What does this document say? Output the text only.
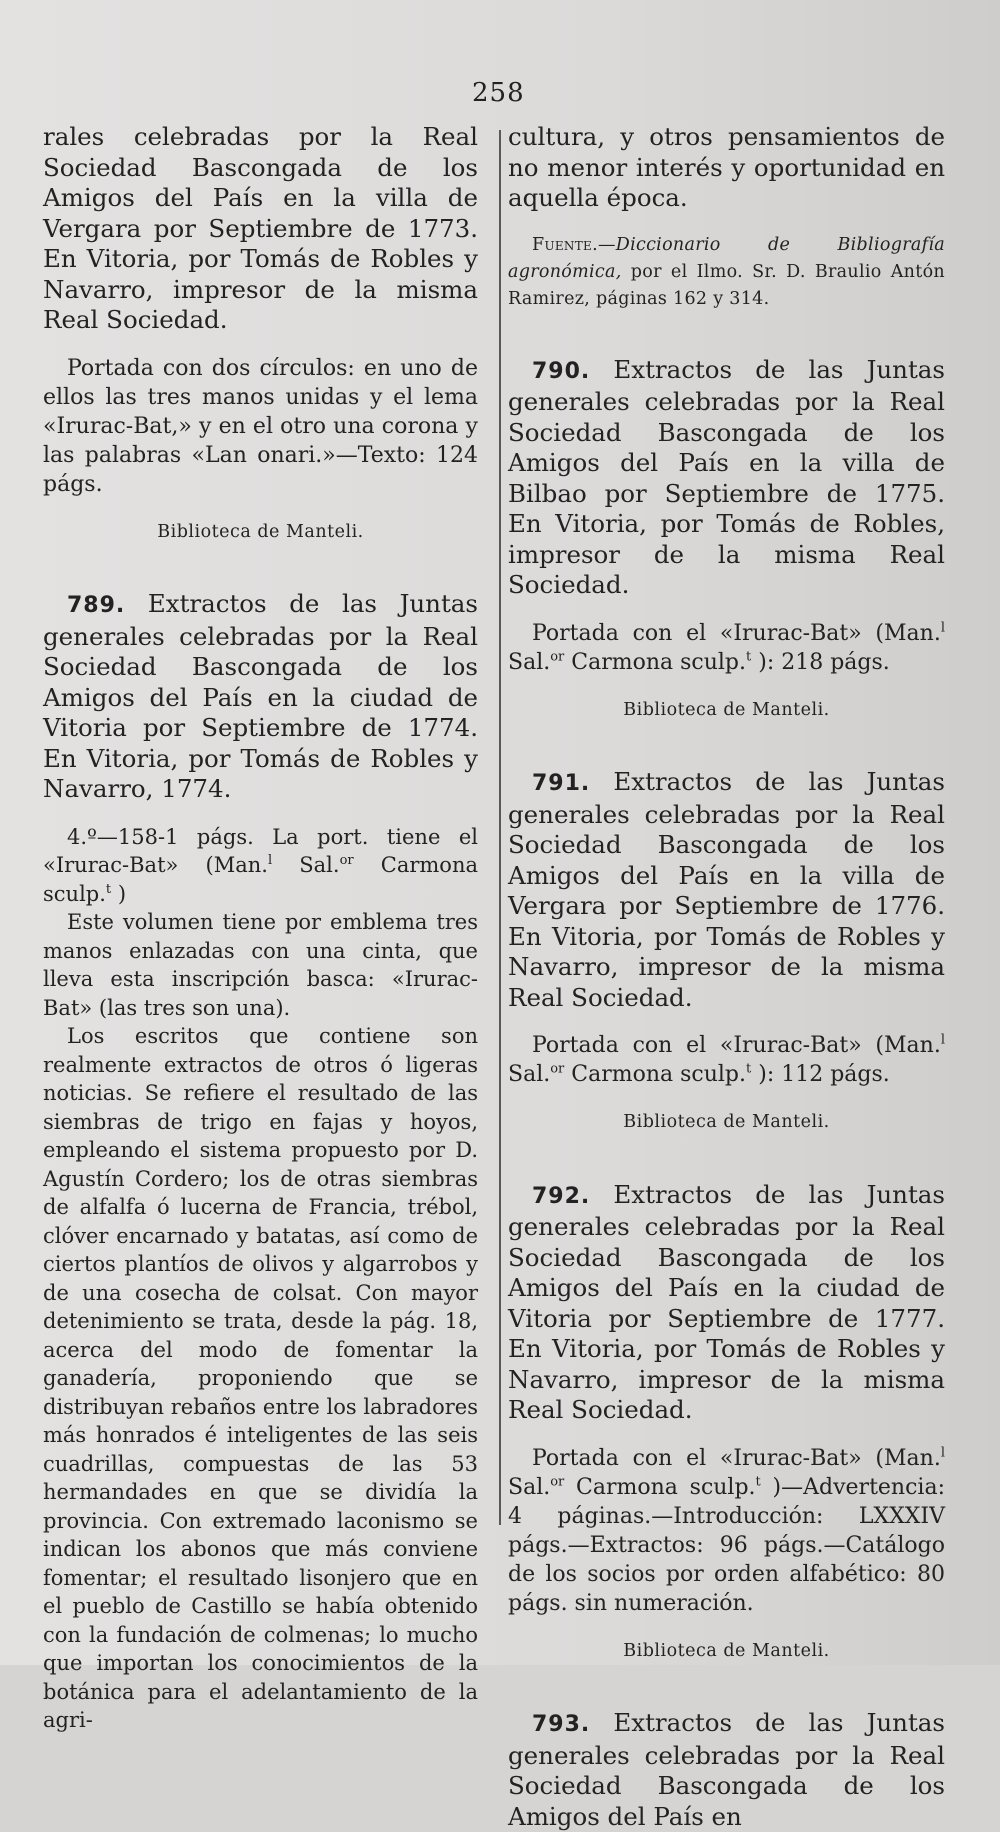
258

rales celebradas por la Real Sociedad Bascongada de los Amigos del País en la villa de Vergara por Septiembre de 1773. En Vitoria, por Tomás de Robles y Navarro, impresor de la misma Real Sociedad.

Portada con dos círculos: en uno de ellos las tres manos unidas y el lema «Irurac-Bat,» y en el otro una corona y las palabras «Lan onari.»—Texto: 124 págs.

Biblioteca de Manteli.

789. Extractos de las Juntas generales celebradas por la Real Sociedad Bascongada de los Amigos del País en la ciudad de Vitoria por Septiembre de 1774. En Vitoria, por Tomás de Robles y Navarro, 1774.

4.º—158-1 págs. La port. tiene el «Irurac-Bat» (Man.$^l$ Sal.$^{or}$ Carmona sculp.$^t$ )

Este volumen tiene por emblema tres manos enlazadas con una cinta, que lleva esta inscripción basca: «Irurac-Bat» (las tres son una).

Los escritos que contiene son realmente extractos de otros ó ligeras noticias. Se refiere el resultado de las siembras de trigo en fajas y hoyos, empleando el sistema propuesto por D. Agustín Cordero; los de otras siembras de alfalfa ó lucerna de Francia, trébol, clóver encarnado y batatas, así como de ciertos plantíos de olivos y algarrobos y de una cosecha de colsat. Con mayor detenimiento se trata, desde la pág. 18, acerca del modo de fomentar la ganadería, proponiendo que se distribuyan rebaños entre los labradores más honrados é inteligentes de las seis cuadrillas, compuestas de las 53 hermandades en que se dividía la provincia. Con extremado laconismo se indican los abonos que más conviene fomentar; el resultado lisonjero que en el pueblo de Castillo se había obtenido con la fundación de colmenas; lo mucho que importan los conocimientos de la botánica para el adelantamiento de la agri-

cultura, y otros pensamientos de no menor interés y oportunidad en aquella época.

Fuente.—Diccionario de Bibliografía agronómica, por el Ilmo. Sr. D. Braulio Antón Ramirez, páginas 162 y 314.

790. Extractos de las Juntas generales celebradas por la Real Sociedad Bascongada de los Amigos del País en la villa de Bilbao por Septiembre de 1775. En Vitoria, por Tomás de Robles, impresor de la misma Real Sociedad.

Portada con el «Irurac-Bat» (Man.$^l$ Sal.$^{or}$ Carmona sculp.$^t$ ): 218 págs.

Biblioteca de Manteli.

791. Extractos de las Juntas generales celebradas por la Real Sociedad Bascongada de los Amigos del País en la villa de Vergara por Septiembre de 1776. En Vitoria, por Tomás de Robles y Navarro, impresor de la misma Real Sociedad.

Portada con el «Irurac-Bat» (Man.$^l$ Sal.$^{or}$ Carmona sculp.$^t$ ): 112 págs.

Biblioteca de Manteli.

792. Extractos de las Juntas generales celebradas por la Real Sociedad Bascongada de los Amigos del País en la ciudad de Vitoria por Septiembre de 1777. En Vitoria, por Tomás de Robles y Navarro, impresor de la misma Real Sociedad.

Portada con el «Irurac-Bat» (Man.$^l$ Sal.$^{or}$ Carmona sculp.$^t$ )—Advertencia: 4 páginas.—Introducción: LXXXIV págs.—Extractos: 96 págs.—Catálogo de los socios por orden alfabético: 80 págs. sin numeración.

Biblioteca de Manteli.

793. Extractos de las Juntas generales celebradas por la Real Sociedad Bascongada de los Amigos del País en
